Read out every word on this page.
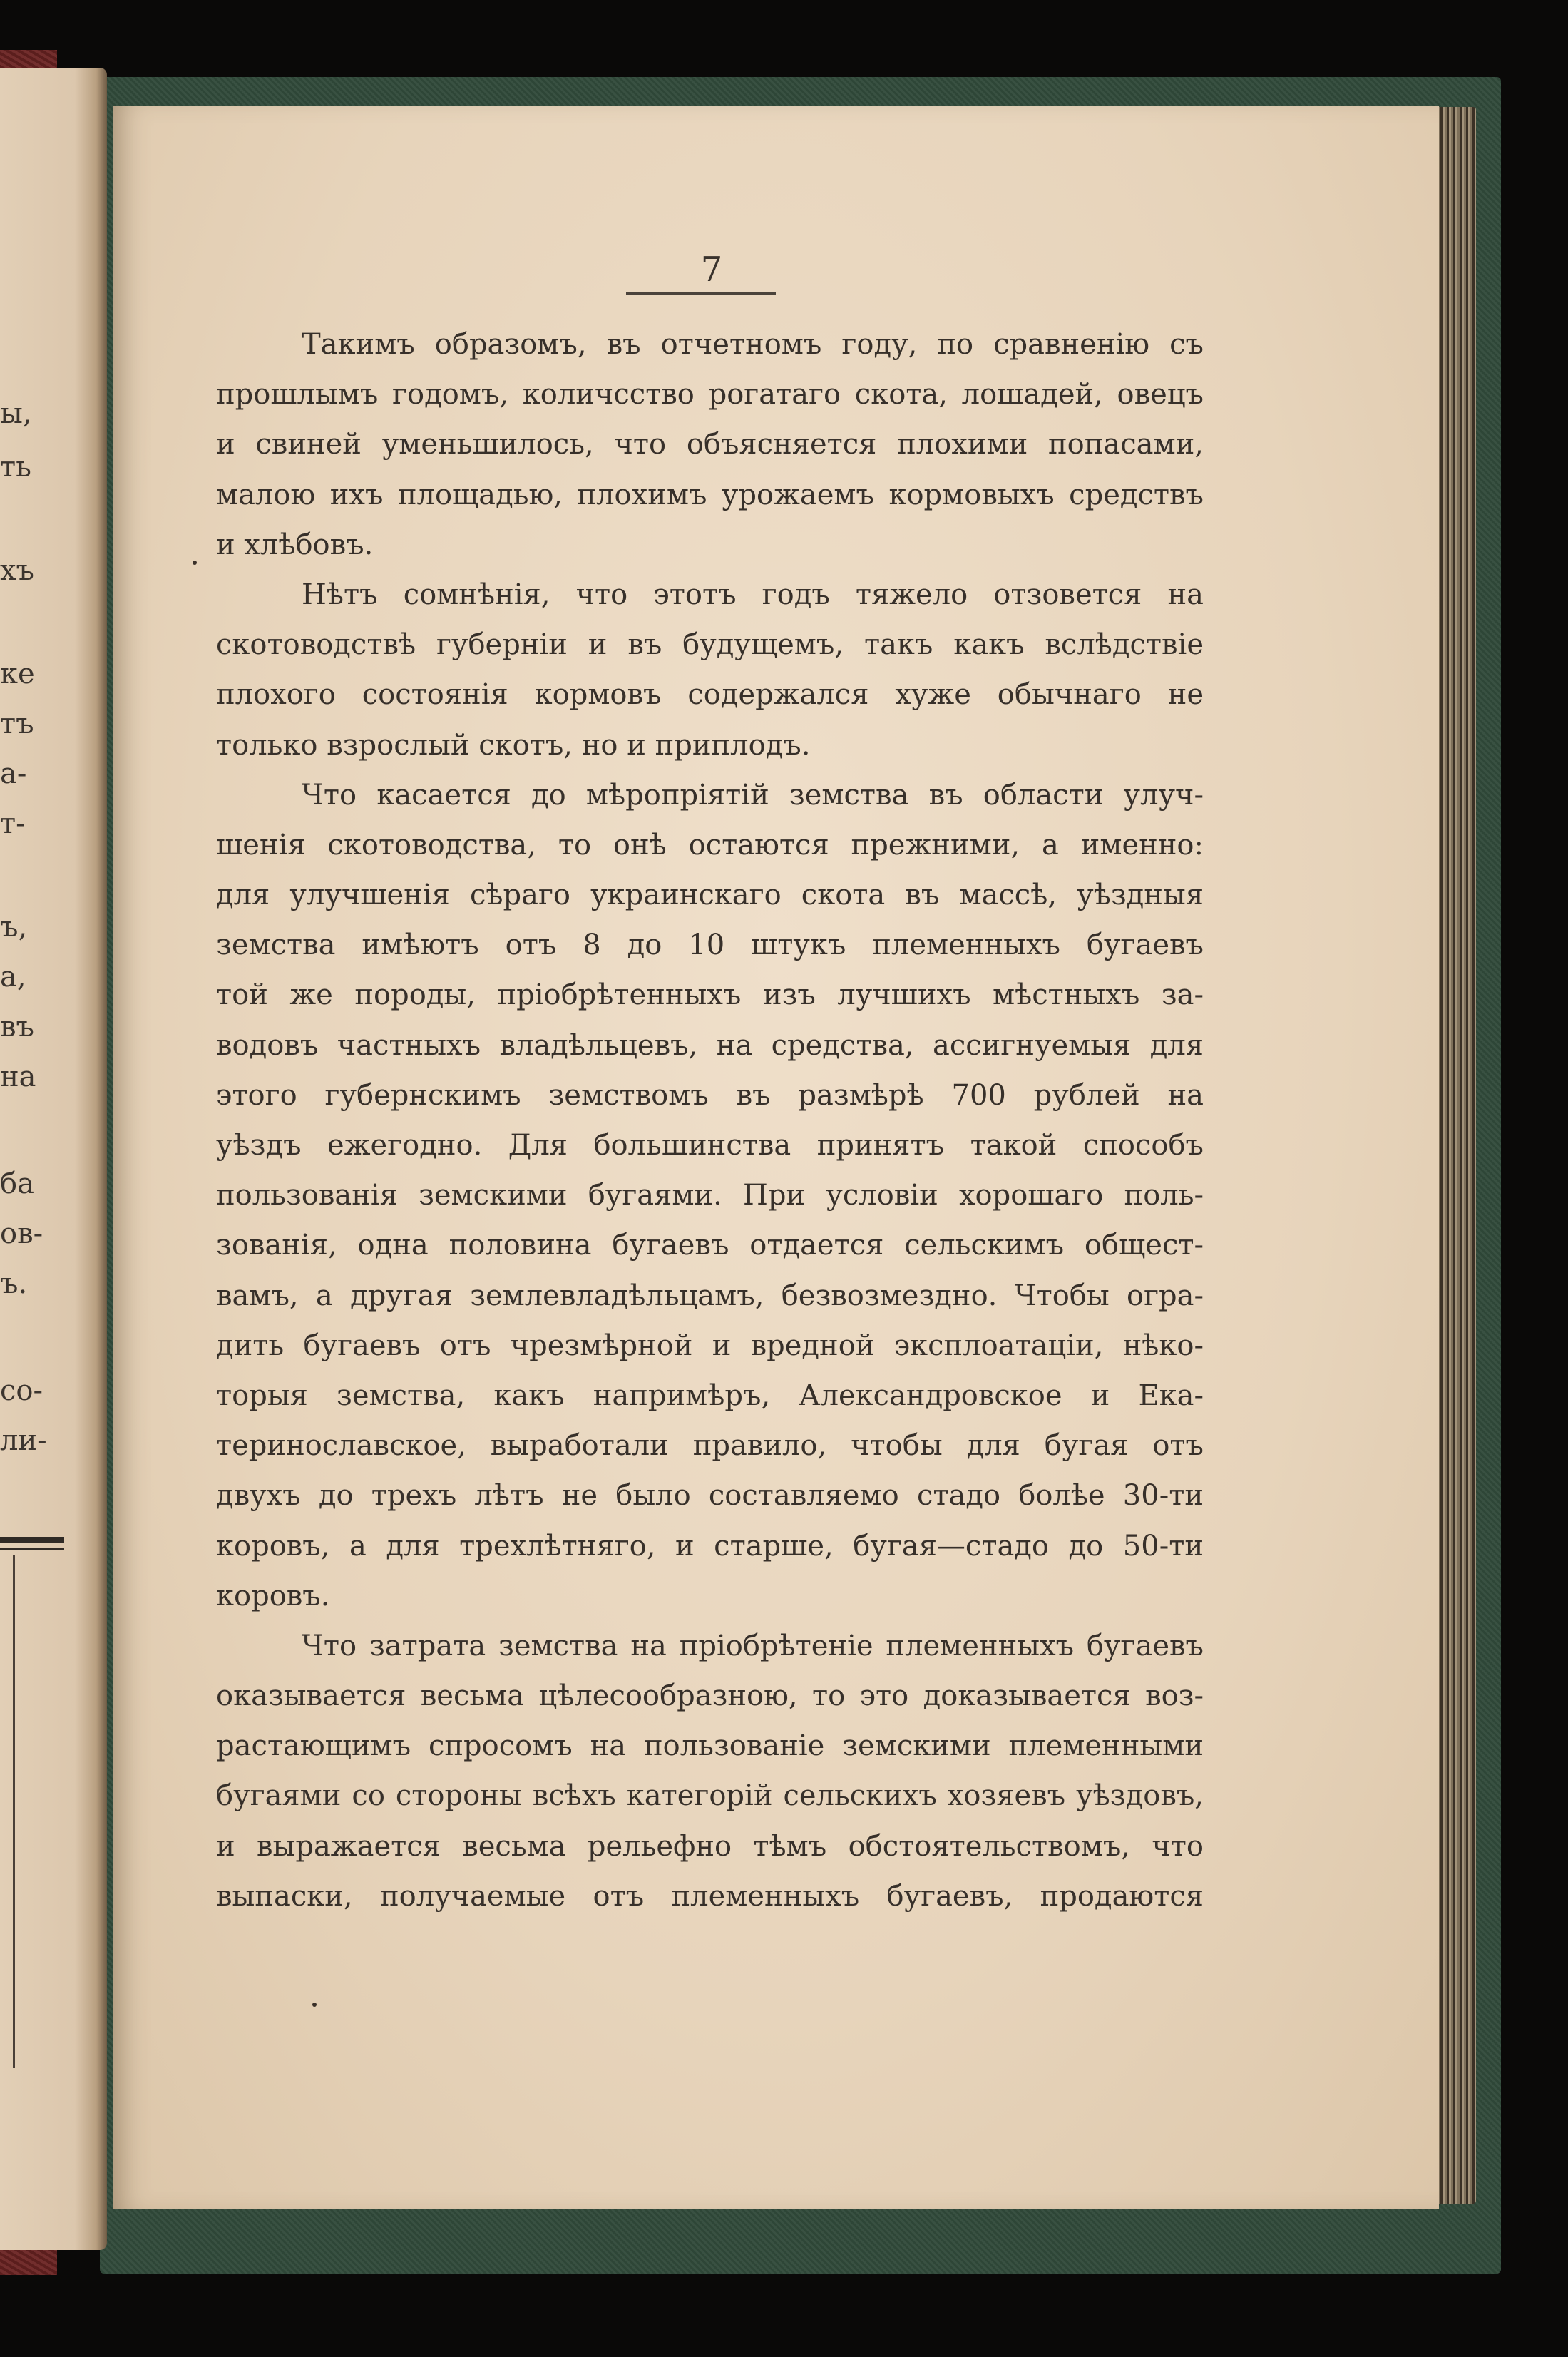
ы,
ть
хъ
ке
тъ
а-
т-
ъ,
а,
въ
на
ба
ов-
ъ.
со-
ли-
7
Такимъ образомъ, въ отчетномъ году, по сравненію съ
прошлымъ годомъ, количсство рогатаго скота, лошадей, овецъ
и свиней уменьшилось, что объясняется плохими попасами,
малою ихъ площадью, плохимъ урожаемъ кормовыхъ средствъ
и хлѣбовъ.
Нѣтъ сомнѣнія, что этотъ годъ тяжело отзовется на
скотоводствѣ губерніи и въ будущемъ, такъ какъ вслѣдствіе
плохого состоянія кормовъ содержался хуже обычнаго не
только взрослый скотъ, но и приплодъ.
Что касается до мѣропріятій земства въ области улуч-
шенія скотоводства, то онѣ остаются прежними, а именно:
для улучшенія сѣраго украинскаго скота въ массѣ, уѣздныя
земства имѣютъ отъ 8 до 10 штукъ племенныхъ бугаевъ
той же породы, пріобрѣтенныхъ изъ лучшихъ мѣстныхъ за-
водовъ частныхъ владѣльцевъ, на средства, ассигнуемыя для
этого губернскимъ земствомъ въ размѣрѣ 700 рублей на
уѣздъ ежегодно. Для большинства принятъ такой способъ
пользованія земскими бугаями. При условіи хорошаго поль-
зованія, одна половина бугаевъ отдается сельскимъ общест-
вамъ, а другая землевладѣльцамъ, безвозмездно. Чтобы огра-
дить бугаевъ отъ чрезмѣрной и вредной эксплоатаціи, нѣко-
торыя земства, какъ напримѣръ, Александровское и Ека-
теринославское, выработали правило, чтобы для бугая отъ
двухъ до трехъ лѣтъ не было составляемо стадо болѣе 30-ти
коровъ, а для трехлѣтняго, и старше, бугая—стадо до 50-ти
коровъ.
Что затрата земства на пріобрѣтеніе племенныхъ бугаевъ
оказывается весьма цѣлесообразною, то это доказывается воз-
растающимъ спросомъ на пользованіе земскими племенными
бугаями со стороны всѣхъ категорій сельскихъ хозяевъ уѣздовъ,
и выражается весьма рельефно тѣмъ обстоятельствомъ, что
выпаски, получаемые отъ племенныхъ бугаевъ, продаются
